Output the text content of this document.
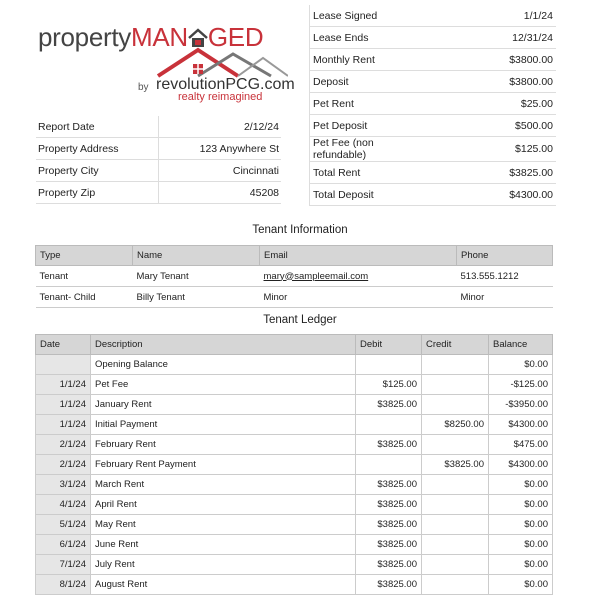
propertyMAN GED
by revolutionPCG.com
realty reimagined
Report Date	2/12/24
Property Address	123 Anywhere St
Property City	Cincinnati
Property Zip	45208
Lease Signed	1/1/24
Lease Ends	12/31/24
Monthly Rent	$3800.00
Deposit	$3800.00
Pet Rent	$25.00
Pet Deposit	$500.00
Pet Fee (non refundable)	$125.00
Total Rent	$3825.00
Total Deposit	$4300.00
Tenant Information
Type	Name	Email	Phone
Tenant	Mary Tenant	mary@sampleemail.com	513.555.1212
Tenant- Child	Billy Tenant	Minor	Minor
Tenant Ledger
Date	Description	Debit	Credit	Balance
	Opening Balance			$0.00
1/1/24	Pet Fee	$125.00		-$125.00
1/1/24	January Rent	$3825.00		-$3950.00
1/1/24	Initial Payment		$8250.00	$4300.00
2/1/24	February Rent	$3825.00		$475.00
2/1/24	February Rent Payment		$3825.00	$4300.00
3/1/24	March Rent	$3825.00		$0.00
4/1/24	April Rent	$3825.00		$0.00
5/1/24	May Rent	$3825.00		$0.00
6/1/24	June Rent	$3825.00		$0.00
7/1/24	July Rent	$3825.00		$0.00
8/1/24	August Rent	$3825.00		$0.00
